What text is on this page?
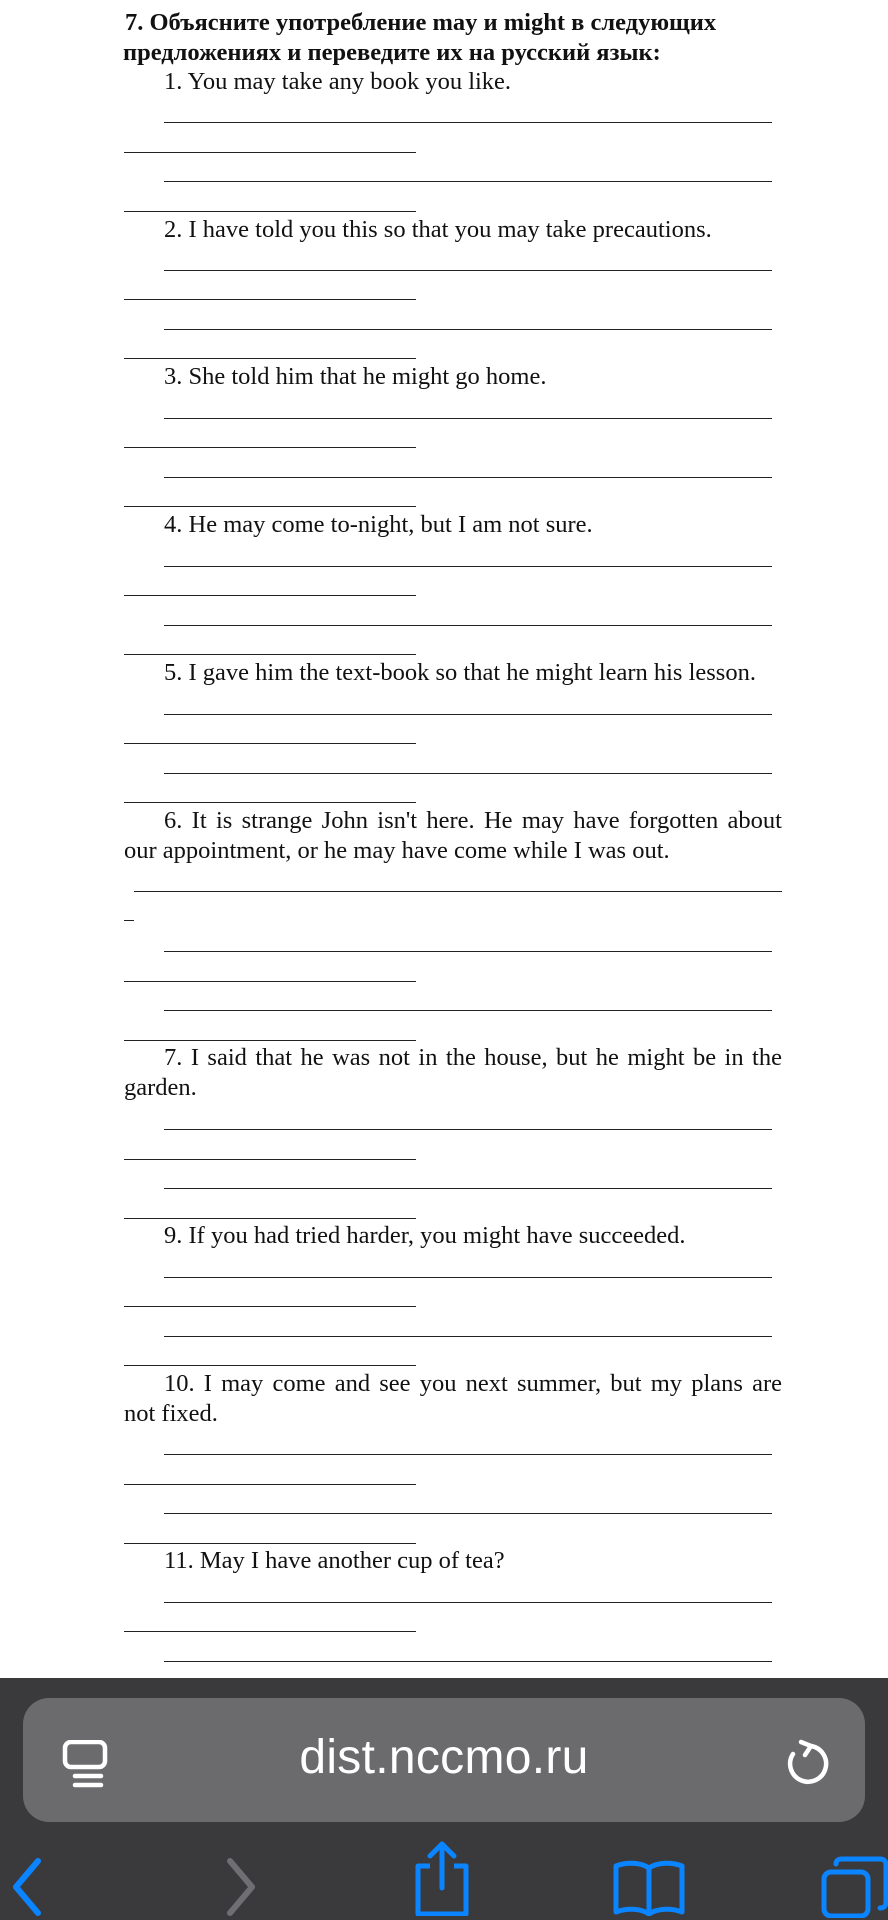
7. Объясните употребление may и might в следующих
предложениях и переведите их на русский язык:
1. You may take any book you like.
2. I have told you this so that you may take precautions.
3. She told him that he might go home.
4. He may come to-night, but I am not sure.
5. I gave him the text-book so that he might learn his lesson.
6. It is strange John isn't here. He may have forgotten about our appointment, or he may have come while I was out.
7. I said that he was not in the house, but he might be in the garden.
9. If you had tried harder, you might have succeeded.
10. I may come and see you next summer, but my plans are not fixed.
11. May I have another cup of tea?
dist.nccmo.ru
